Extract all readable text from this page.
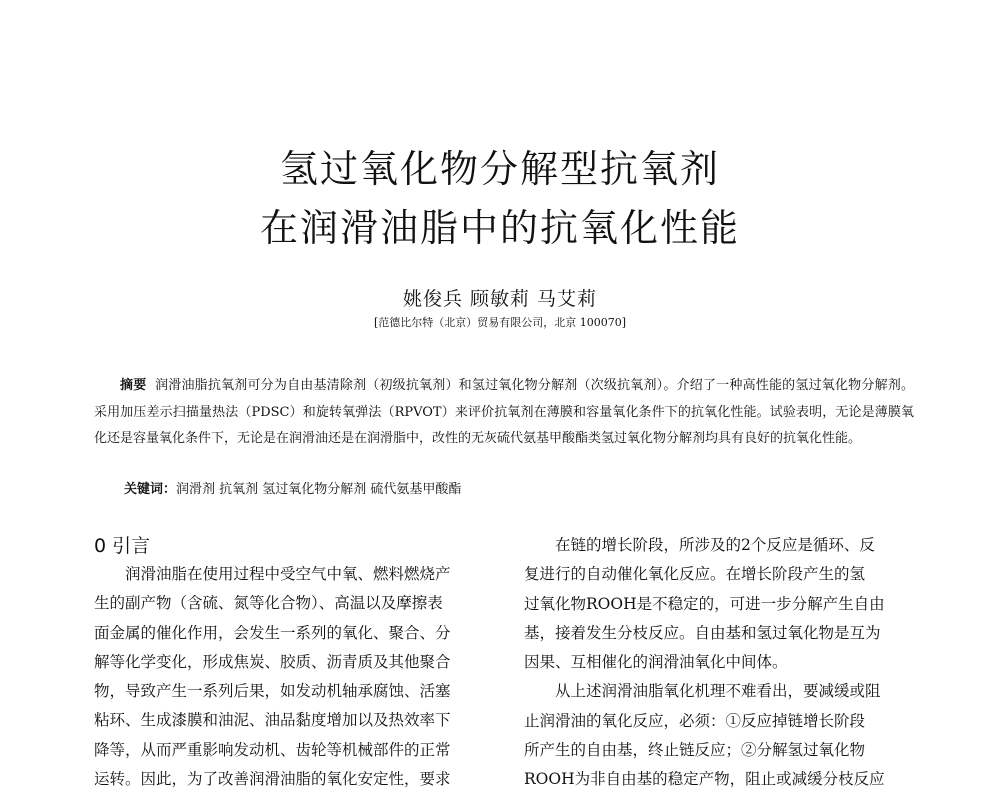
氢过氧化物分解型抗氧剂
在润滑油脂中的抗氧化性能
姚俊兵 顾敏莉 马艾莉
[范德比尔特（北京）贸易有限公司，北京 100070]

摘要 润滑油脂抗氧剂可分为自由基清除剂（初级抗氧剂）和氢过氧化物分解剂（次级抗氧剂）。介绍了一种高性能的氢过氧化物分解剂。采用加压差示扫描量热法（PDSC）和旋转氧弹法（RPVOT）来评价抗氧剂在薄膜和容量氧化条件下的抗氧化性能。试验表明，无论是薄膜氧化还是容量氧化条件下，无论是在润滑油还是在润滑脂中，改性的无灰硫代氨基甲酸酯类氢过氧化物分解剂均具有良好的抗氧化性能。

关键词：润滑剂 抗氧剂 氢过氧化物分解剂 硫代氨基甲酸酯
0 引言
润滑油脂在使用过程中受空气中氧、燃料燃烧产
生的副产物（含硫、氮等化合物）、高温以及摩擦表
面金属的催化作用，会发生一系列的氧化、聚合、分
解等化学变化，形成焦炭、胶质、沥青质及其他聚合
物，导致产生一系列后果，如发动机轴承腐蚀、活塞
粘环、生成漆膜和油泥、油品黏度增加以及热效率下
降等，从而严重影响发动机、齿轮等机械部件的正常
运转。因此，为了改善润滑油脂的氧化安定性，要求
在链的增长阶段，所涉及的2个反应是循环、反
复进行的自动催化氧化反应。在增长阶段产生的氢
过氧化物ROOH是不稳定的，可进一步分解产生自由
基，接着发生分枝反应。自由基和氢过氧化物是互为
因果、互相催化的润滑油氧化中间体。
从上述润滑油脂氧化机理不难看出，要减缓或阻
止润滑油的氧化反应，必须：①反应掉链增长阶段
所产生的自由基，终止链反应；②分解氢过氧化物
ROOH为非自由基的稳定产物，阻止或减缓分枝反应
